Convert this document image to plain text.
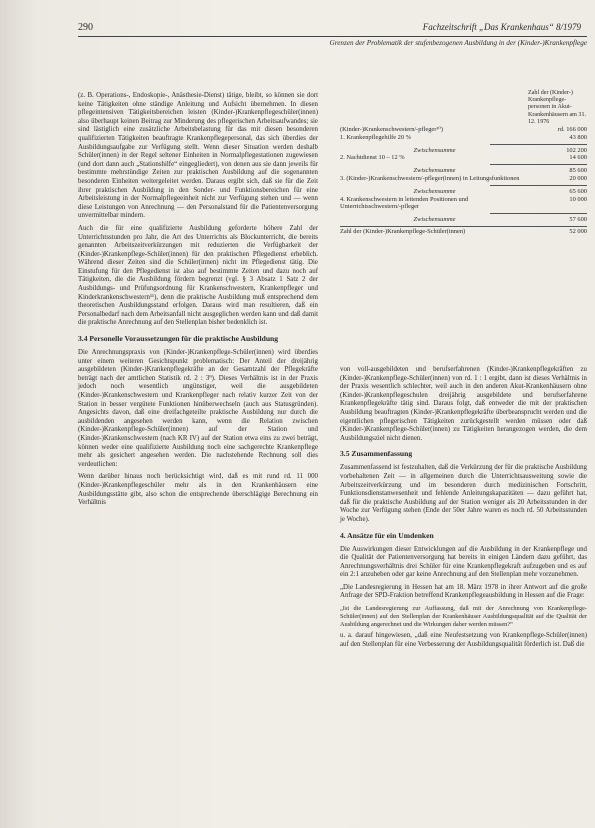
290	Fachzeitschrift „Das Krankenhaus“ 8/1979
Grenzen der Problematik der stufenbezogenen Ausbildung in der (Kinder-)Krankenpflege

(z. B. Operations-, Endoskopie-, Anästhesie-Dienst) tätige, bleibt, so können sie dort keine Tätigkeiten ohne ständige Anleitung und Aufsicht übernehmen. In diesen pflegeintensiven Tätigkeitsbereichen leisten (Kinder-)Krankenpflegeschüler(innen) also überhaupt keinen Beitrag zur Minderung des pflegerischen Arbeitsaufwandes; sie sind lästiglich eine zusätzliche Arbeitsbelastung für das mit diesen besonderen qualifizierten Tätigkeiten beauftragte Krankenpflegepersonal, das sich überdies der Ausbildungsaufgabe zur Verfügung stellt. Wenn dieser Situation werden deshalb Schüler(innen) in der Regel seltener Einheiten in Normalpflegestationen zugewiesen (und dort dann auch „Stationshilfe“ eingegliedert), von denen aus sie dann jeweils für bestimmte mehrstündige Zeiten zur praktischen Ausbildung auf die sogenannten besonderen Einheiten weitergeleitet werden. Daraus ergibt sich, daß sie für die Zeit ihrer praktischen Ausbildung in den Sonder- und Funktionsbereichen für eine Arbeitsleistung in der Normalpflegeeinheit nicht zur Verfügung stehen und — wenn diese Leistungen von Anrechnung — den Personalstand für die Patientenversorgung unvermittelbar mindern.

Auch die für eine qualifizierte Ausbildung geforderte höhere Zahl der Unterrichtsstunden pro Jahr, die Art des Unterrichts als Blockunterricht, die bereits genannten Arbeitszeitverkürzungen mit reduzierten die Verfügbarkeit der (Kinder-)Krankenpflege-Schüler(innen) für den praktischen Pflegedienst erheblich. Während dieser Zeiten sind die Schüler(innen) nicht im Pflegedienst tätig. Die Einstufung für den Pflegedienst ist also auf bestimmte Zeiten und dazu noch auf Tätigkeiten, die die Ausbildung fördern begrenzt (vgl. § 3 Absatz 1 Satz 2 der Ausbildungs- und Prüfungsordnung für Krankenschwestern, Krankenpfleger und Kinderkrankenschwestern¹¹), denn die praktische Ausbildung muß entsprechend dem theoretischen Ausbildungsstand erfolgen. Daraus wird man resultieren, daß ein Personalbedarf nach dem Arbeitsanfall nicht ausgeglichen werden kann und daß damit die praktische Anrechnung auf den Stellenplan bisher bedenklich ist.

3.4 Personelle Voraussetzungen für die praktische Ausbildung

Die Anrechnungspraxis von (Kinder-)Krankenpflege-Schüler(innen) wird überdies unter einem weiteren Gesichtspunkt problematisch: Der Anteil der dreijährig ausgebildeten (Kinder-)Krankenpflegekräfte an der Gesamtzahl der Pflegekräfte beträgt nach der amtlichen Statistik rd. 2 : 3⁹). Dieses Verhältnis ist in der Praxis jedoch noch wesentlich ungünstiger, weil die ausgebildeten (Kinder-)Krankenschwestern und Krankenpfleger nach relativ kurzer Zeit von der Station in besser vergütete Funktionen hinüberwechseln (auch aus Statusgründen). Angesichts davon, daß eine dreifachgeteilte praktische Ausbildung nur durch die ausbildenden angesehen werden kann, wenn die Relation zwischen (Kinder-)Krankenpflege-Schüler(innen) auf der Station und (Kinder-)Krankenschwestern (nach KR IV) auf der Station etwa eins zu zwei beträgt, können weder eine qualifizierte Ausbildung noch eine sachgerechte Krankenpflege mehr als gesichert angesehen werden. Die nachstehende Rechnung soll dies verdeutlichen:

Wenn darüber hinaus noch berücksichtigt wird, daß es mit rund rd. 11 000 (Kinder-)Krankenpflegeschüler mehr als in den Krankenhäusern eine Ausbildungsstätte gibt, also schon die entsprechende überschlägige Berechnung ein Verhältnis

Zahl der (Kinder-) Krankenpflege-personen in Akut-Krankenhäusern am 31. 12. 1976
(Kinder-)Krankenschwestern/-pfleger¹⁰)	rd. 166 000
1. Krankenpflegehilfe 20 %	43 800
Zwischensumme	102 200
2. Nachtdienst 10 – 12 %	14 600
Zwischensumme	85 600
3. (Kinder-)Krankenschwestern/-pfleger(innen) in Leitungsfunktionen	20 000
Zwischensumme	65 600
4. Krankenschwestern in leitenden Positionen und Unterrichtsschwestern/-pfleger
10 000
Zwischensumme	57 600
Zahl der (Kinder-)Krankenpflege-Schüler(innen)	52 000

von voll-ausgebildeten und berufserfahrenen (Kinder-)Krankenpflegekräften zu (Kinder-)Krankenpflege-Schüler(innen) von rd. 1 : 1 ergibt, dann ist dieses Verhältnis in der Praxis wesentlich schlechter, weil auch in den anderen Akut-Krankenhäusern ohne (Kinder-)Krankenpflegeschulen dreijährig ausgebildete und berufserfahrene Krankenpflegekräfte tätig sind. Daraus folgt, daß entweder die mit der praktischen Ausbildung beauftragten (Kinder-)Krankenpflegekräfte überbeansprucht werden und die eigentlichen pflegerischen Tätigkeiten zurückgestellt werden müssen oder daß (Kinder-)Krankenpflege-Schüler(innen) zu Tätigkeiten herangezogen werden, die dem Ausbildungsziel nicht dienen.

3.5 Zusammenfassung

Zusammenfassend ist festzuhalten, daß die Verkürzung der für die praktische Ausbildung vorbehaltenen Zeit — in allgemeinen durch die Unterrichtsausweitung sowie die Arbeitszeitverkürzung und im besonderen durch medizinischen Fortschritt, Funktionsdienstanwesenheit und fehlende Anleitungskapazitäten — dazu geführt hat, daß für die praktische Ausbildung auf der Station weniger als 20 Arbeitsstunden in der Woche zur Verfügung stehen (Ende der 50er Jahre waren es noch rd. 50 Arbeitsstunden je Woche).

4. Ansätze für ein Umdenken

Die Auswirkungen dieser Entwicklungen auf die Ausbildung in der Krankenpflege und die Qualität der Patientenversorgung hat bereits in einigen Ländern dazu geführt, das Anrechnungsverhältnis drei Schüler für eine Krankenpflegekraft aufzugeben und es auf ein 2:1 anzuheben oder gar keine Anrechnung auf den Stellenplan mehr vorzunehmen.

„Die Landesregierung in Hessen hat am 18. März 1978 in ihrer Antwort auf die große Anfrage der SPD-Fraktion betreffend Krankenpflegeausbildung in Hessen auf die Frage:

„Ist die Landesregierung zur Auffassung, daß mit der Anrechnung von Krankenpflege-Schüler(innen) auf den Stellenplan der Krankenhäuser Ausbildungsqualität auf die Qualität der Ausbildung angerechnet und die Wirkungen daher werden müssen?“

u. a. darauf hingewiesen, „daß eine Neufestsetzung von Krankenpflege-Schüler(innen) auf den Stellenplan für eine Verbesserung der Ausbildungsqualität förderlich ist. Daß die
